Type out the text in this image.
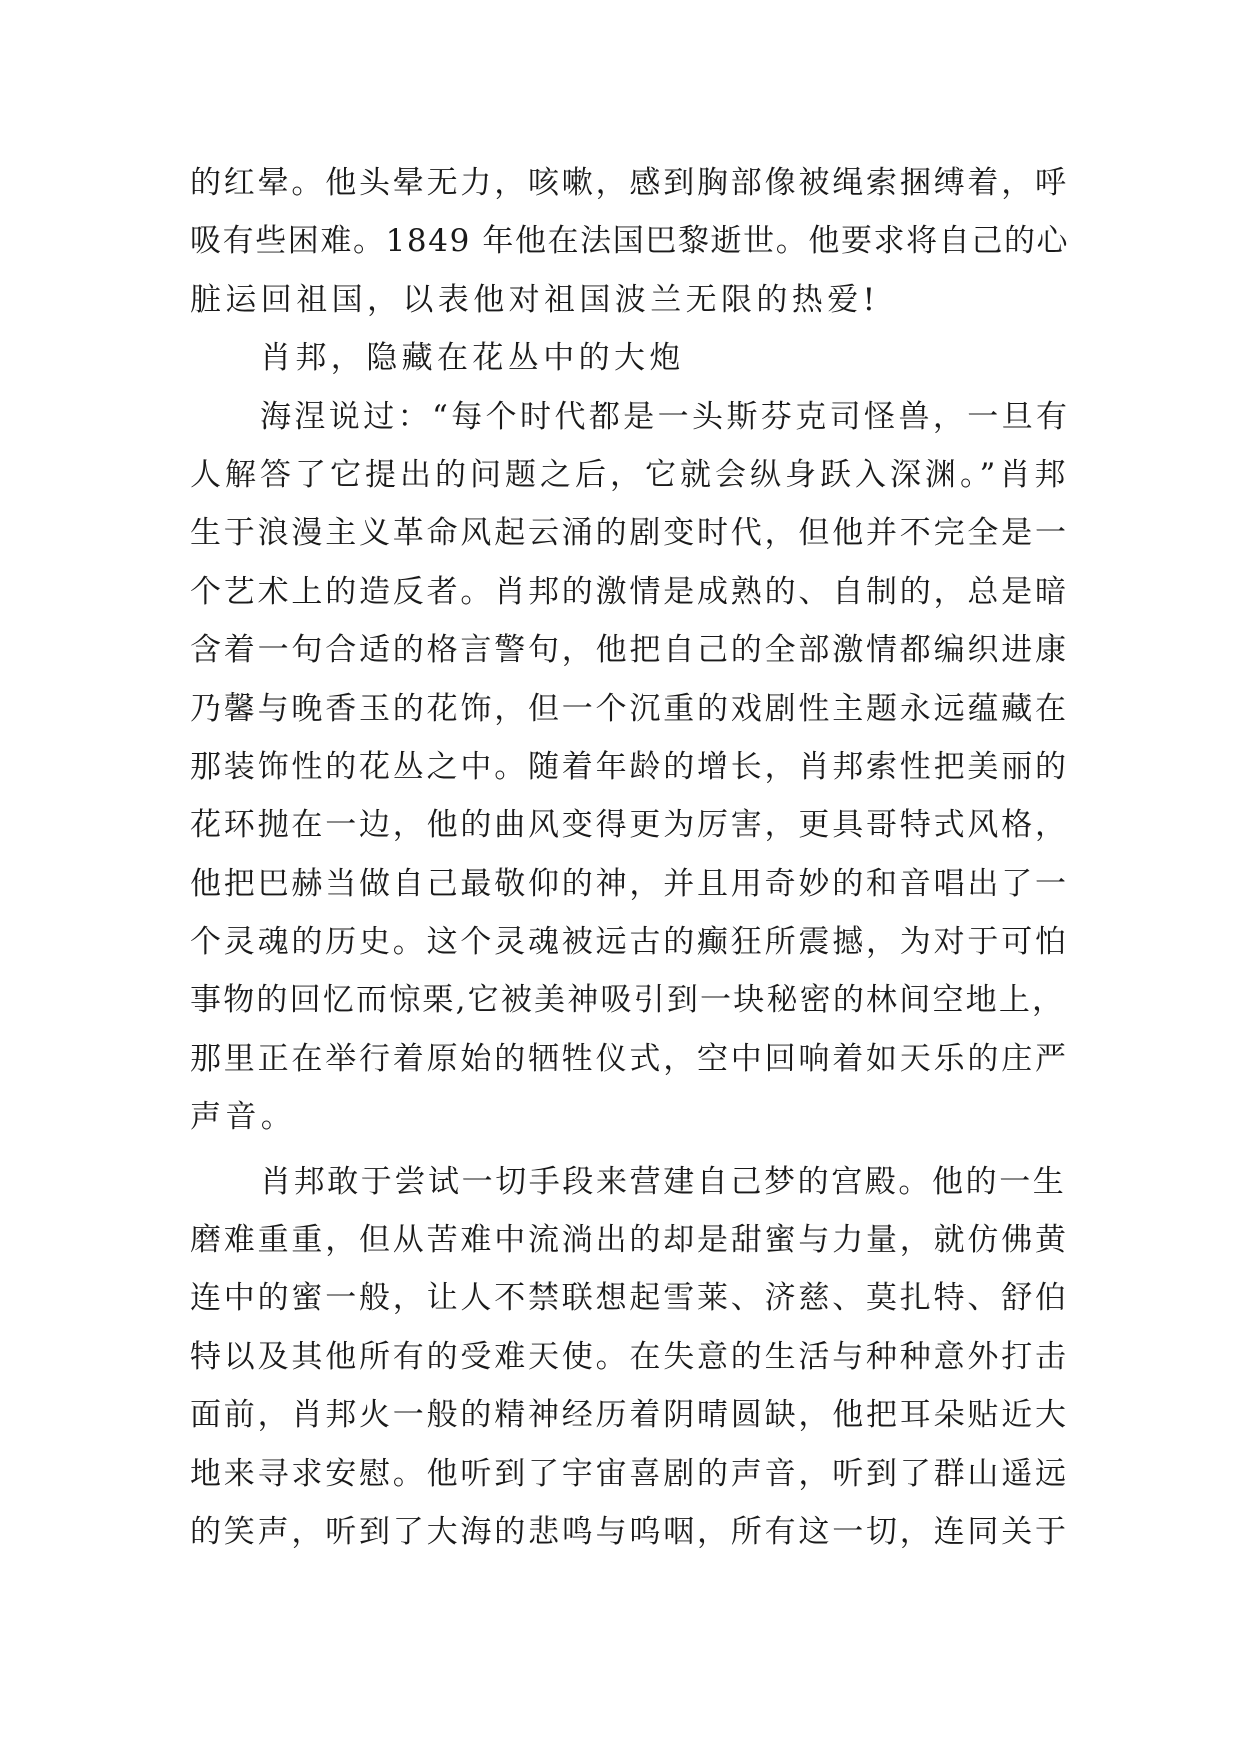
的红晕。他头晕无力，咳嗽，感到胸部像被绳索捆缚着，呼
吸有些困难。1849 年他在法国巴黎逝世。他要求将自己的心
脏运回祖国，以表他对祖国波兰无限的热爱!
肖邦，隐藏在花丛中的大炮
海涅说过：“每个时代都是一头斯芬克司怪兽，一旦有
人解答了它提出的问题之后，它就会纵身跃入深渊。”肖邦
生于浪漫主义革命风起云涌的剧变时代，但他并不完全是一
个艺术上的造反者。肖邦的激情是成熟的、自制的，总是暗
含着一句合适的格言警句，他把自己的全部激情都编织进康
乃馨与晚香玉的花饰，但一个沉重的戏剧性主题永远蕴藏在
那装饰性的花丛之中。随着年龄的增长，肖邦索性把美丽的
花环抛在一边，他的曲风变得更为厉害，更具哥特式风格，
他把巴赫当做自己最敬仰的神，并且用奇妙的和音唱出了一
个灵魂的历史。这个灵魂被远古的癫狂所震撼，为对于可怕
事物的回忆而惊栗,它被美神吸引到一块秘密的林间空地上，
那里正在举行着原始的牺牲仪式，空中回响着如天乐的庄严
声音。
肖邦敢于尝试一切手段来营建自己梦的宫殿。他的一生
磨难重重，但从苦难中流淌出的却是甜蜜与力量，就仿佛黄
连中的蜜一般，让人不禁联想起雪莱、济慈、莫扎特、舒伯
特以及其他所有的受难天使。在失意的生活与种种意外打击
面前，肖邦火一般的精神经历着阴晴圆缺，他把耳朵贴近大
地来寻求安慰。他听到了宇宙喜剧的声音，听到了群山遥远
的笑声，听到了大海的悲鸣与呜咽，所有这一切，连同关于
